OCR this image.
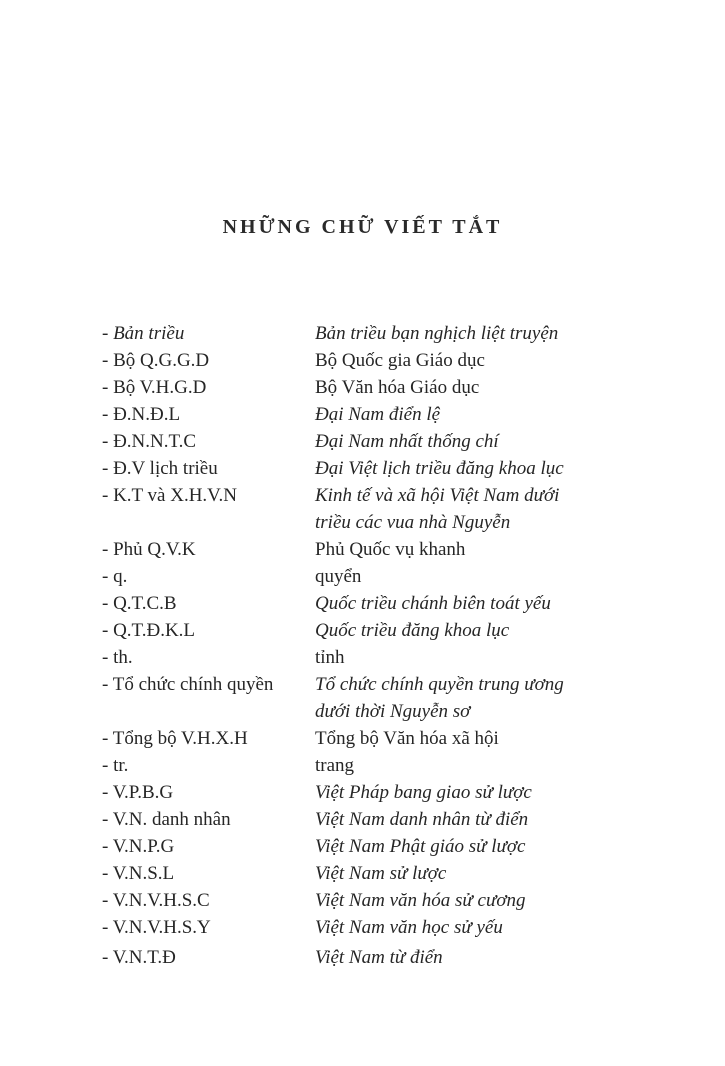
NHỮNG CHỮ VIẾT TẮT
- Bản triều	Bản triều bạn nghịch liệt truyện
- Bộ Q.G.G.D	Bộ Quốc gia Giáo dục
- Bộ V.H.G.D	Bộ Văn hóa Giáo dục
- Đ.N.Đ.L	Đại Nam điển lệ
- Đ.N.N.T.C	Đại Nam nhất thống chí
- Đ.V lịch triều	Đại Việt lịch triều đăng khoa lục
- K.T và X.H.V.N	Kinh tế và xã hội Việt Nam dưới
triều các vua nhà Nguyễn
- Phủ Q.V.K	Phủ Quốc vụ khanh
- q.	quyển
- Q.T.C.B	Quốc triều chánh biên toát yếu
- Q.T.Đ.K.L	Quốc triều đăng khoa lục
- th.	tỉnh
- Tổ chức chính quyền	Tổ chức chính quyền trung ương
dưới thời Nguyễn sơ
- Tổng bộ V.H.X.H	Tổng bộ Văn hóa xã hội
- tr.	trang
- V.P.B.G	Việt Pháp bang giao sử lược
- V.N. danh nhân	Việt Nam danh nhân từ điển
- V.N.P.G	Việt Nam Phật giáo sử lược
- V.N.S.L	Việt Nam sử lược
- V.N.V.H.S.C	Việt Nam văn hóa sử cương
- V.N.V.H.S.Y	Việt Nam văn học sử yếu
- V.N.T.Đ	Việt Nam từ điển
